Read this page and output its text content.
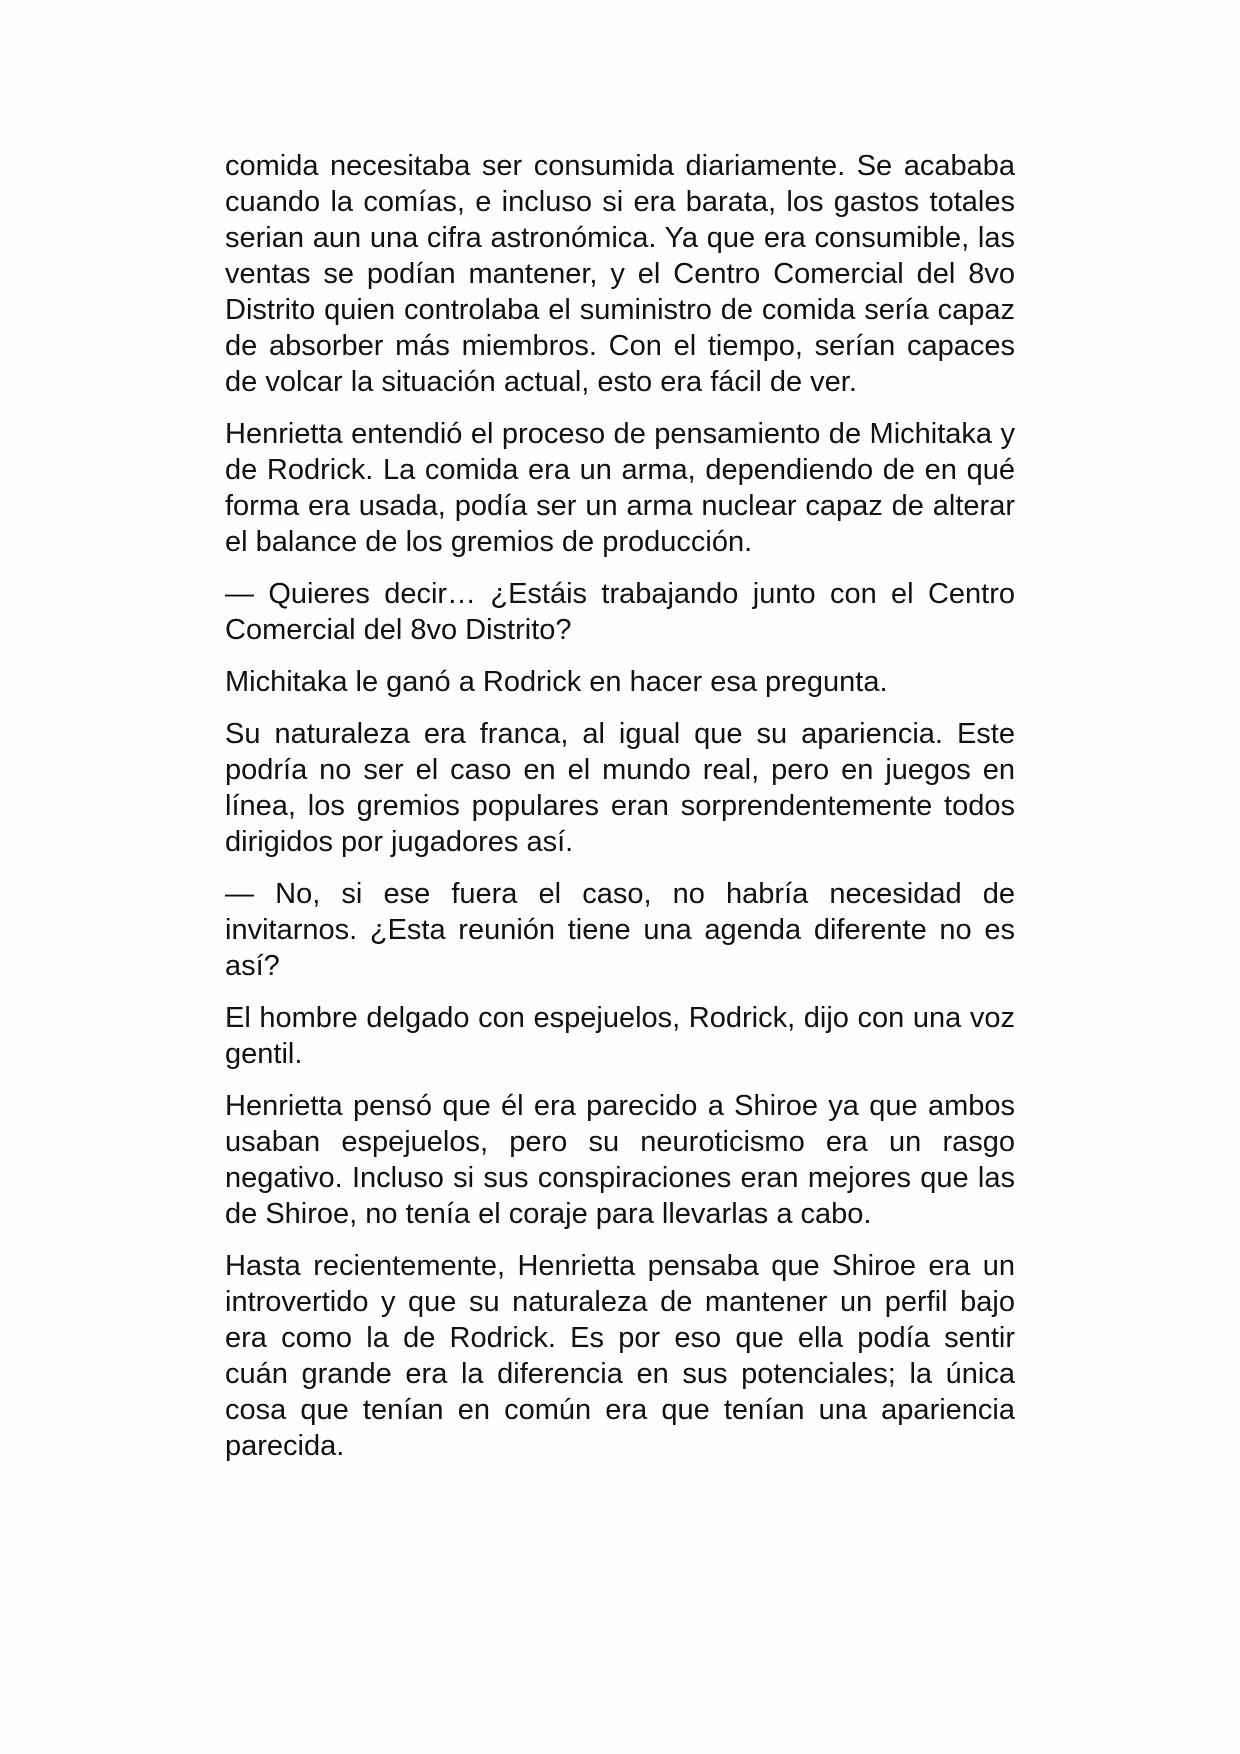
comida necesitaba ser consumida diariamente. Se acababa cuando la comías, e incluso si era barata, los gastos totales serian aun una cifra astronómica. Ya que era consumible, las ventas se podían mantener, y el Centro Comercial del 8vo Distrito quien controlaba el suministro de comida sería capaz de absorber más miembros. Con el tiempo, serían capaces de volcar la situación actual, esto era fácil de ver.

Henrietta entendió el proceso de pensamiento de Michitaka y de Rodrick. La comida era un arma, dependiendo de en qué forma era usada, podía ser un arma nuclear capaz de alterar el balance de los gremios de producción.

— Quieres decir… ¿Estáis trabajando junto con el Centro Comercial del 8vo Distrito?

Michitaka le ganó a Rodrick en hacer esa pregunta.

Su naturaleza era franca, al igual que su apariencia. Este podría no ser el caso en el mundo real, pero en juegos en línea, los gremios populares eran sorprendentemente todos dirigidos por jugadores así.

— No, si ese fuera el caso, no habría necesidad de invitarnos. ¿Esta reunión tiene una agenda diferente no es así?

El hombre delgado con espejuelos, Rodrick, dijo con una voz gentil.

Henrietta pensó que él era parecido a Shiroe ya que ambos usaban espejuelos, pero su neuroticismo era un rasgo negativo. Incluso si sus conspiraciones eran mejores que las de Shiroe, no tenía el coraje para llevarlas a cabo.

Hasta recientemente, Henrietta pensaba que Shiroe era un introvertido y que su naturaleza de mantener un perfil bajo era como la de Rodrick. Es por eso que ella podía sentir cuán grande era la diferencia en sus potenciales; la única cosa que tenían en común era que tenían una apariencia parecida.
